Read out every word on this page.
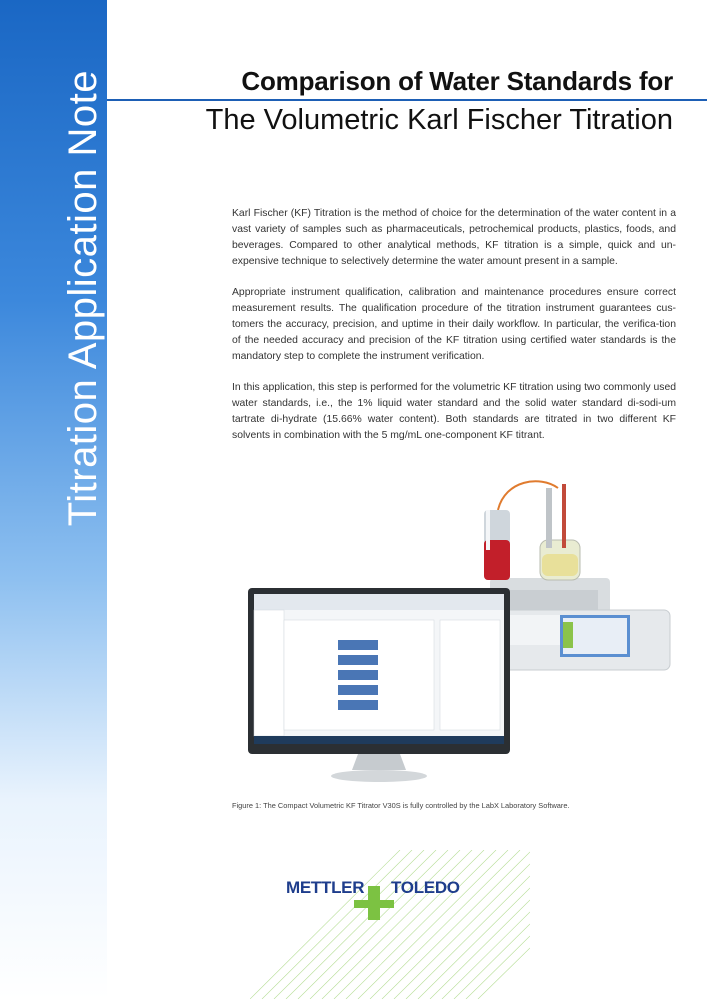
Titration Application Note	Comparison of Water Standards for
The Volumetric Karl Fischer Titration

Karl Fischer (KF) Titration is the method of choice for the determination of the water content in a vast variety of samples such as pharmaceuticals, petrochemical products, plastics, foods, and beverages. Compared to other analytical methods, KF titration is a simple, quick and un-expensive technique to selectively determine the water amount present in a sample.

Appropriate instrument qualification, calibration and maintenance procedures ensure correct measurement results. The qualification procedure of the titration instrument guarantees cus-tomers the accuracy, precision, and uptime in their daily workflow. In particular, the verifica-tion of the needed accuracy and precision of the KF titration using certified water standards is the mandatory step to complete the instrument verification.

In this application, this step is performed for the volumetric KF titration using two commonly used water standards, i.e., the 1% liquid water standard and the solid water standard di-sodi-um tartrate di-hydrate (15.66% water content). Both standards are titrated in two different KF solvents in combination with the 5 mg/mL one-component KF titrant.

Figure 1: The Compact Volumetric KF Titrator V30S is fully controlled by the LabX Laboratory Software.
METTLER TOLEDO
